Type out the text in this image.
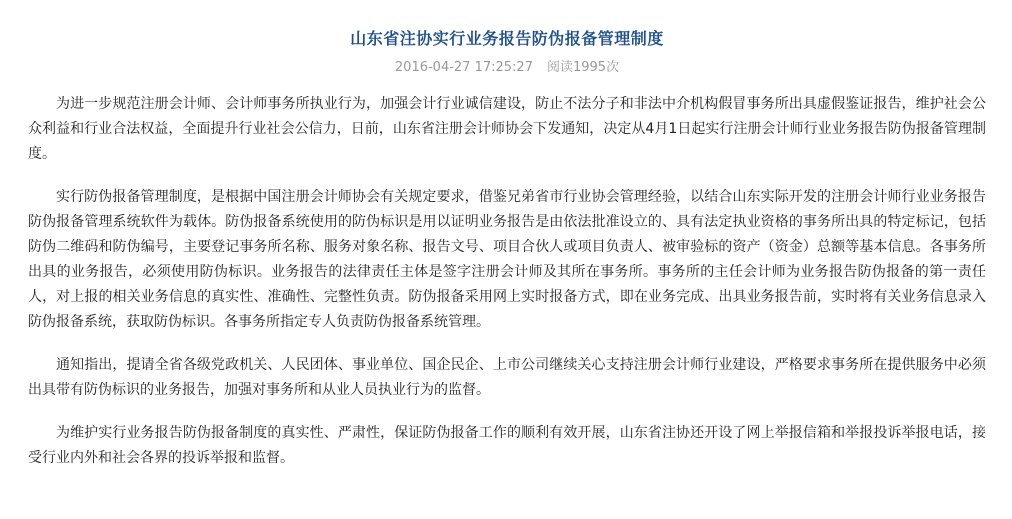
山东省注协实行业务报告防伪报备管理制度
2016-04-27 17:25:27 阅读1995次

为进一步规范注册会计师、会计师事务所执业行为，加强会计行业诚信建设，防止不法分子和非法中介机构假冒事务所出具虚假鉴证报告，维护社会公众利益和行业合法权益，全面提升行业社会公信力，日前，山东省注册会计师协会下发通知，决定从4月1日起实行注册会计师行业业务报告防伪报备管理制度。

实行防伪报备管理制度，是根据中国注册会计师协会有关规定要求，借鉴兄弟省市行业协会管理经验，以结合山东实际开发的注册会计师行业业务报告防伪报备管理系统软件为载体。防伪报备系统使用的防伪标识是用以证明业务报告是由依法批准设立的、具有法定执业资格的事务所出具的特定标记，包括防伪二维码和防伪编号，主要登记事务所名称、服务对象名称、报告文号、项目合伙人或项目负责人、被审验标的资产（资金）总额等基本信息。各事务所出具的业务报告，必须使用防伪标识。业务报告的法律责任主体是签字注册会计师及其所在事务所。事务所的主任会计师为业务报告防伪报备的第一责任人，对上报的相关业务信息的真实性、准确性、完整性负责。防伪报备采用网上实时报备方式，即在业务完成、出具业务报告前，实时将有关业务信息录入防伪报备系统，获取防伪标识。各事务所指定专人负责防伪报备系统管理。

通知指出，提请全省各级党政机关、人民团体、事业单位、国企民企、上市公司继续关心支持注册会计师行业建设，严格要求事务所在提供服务中必须出具带有防伪标识的业务报告，加强对事务所和从业人员执业行为的监督。

为维护实行业务报告防伪报备制度的真实性、严肃性，保证防伪报备工作的顺利有效开展，山东省注协还开设了网上举报信箱和举报投诉举报电话，接受行业内外和社会各界的投诉举报和监督。
